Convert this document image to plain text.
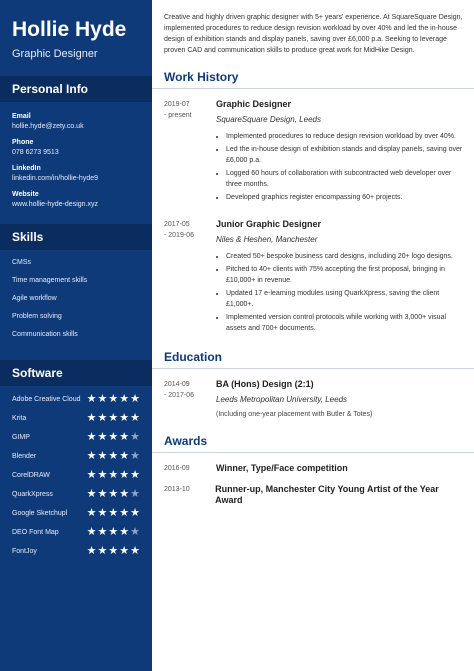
Hollie Hyde
Graphic Designer
Personal Info
Email
hollie.hyde@zety.co.uk
Phone
078 6273 9513
LinkedIn
linkedin.com/in/hollie-hyde9
Website
www.hollie-hyde-design.xyz
Skills
CMSs
Time management skills
Agile workflow
Problem solving
Communication skills
Software
Adobe Creative Cloud ★ ★ ★ ★ ★
Krita	★ ★ ★ ★ ★
GIMP	★ ★ ★ ★ ★
Blender	★ ★ ★ ★ ★
CorelDRAW	★ ★ ★ ★ ★
QuarkXpress	★ ★ ★ ★ ★
Google Sketchupl	★ ★ ★ ★ ★
DEO Font Map	★ ★ ★ ★ ★
FontJoy	★ ★ ★ ★ ★
Creative and highly driven graphic designer with 5+ years' experience. At SquareSquare Design, implemented procedures to reduce design revision workload by over 40% and led the in-house design of exhibition stands and display panels, saving over £6,000 p.a. Seeking to leverage proven CAD and communication skills to produce great work for MidHike Design.
Work History
2019-07
- present
Graphic Designer
SquareSquare Design, Leeds
• Implemented procedures to reduce design revision workload by over 40%.
• Led the in-house design of exhibition stands and display panels, saving over £6,000 p.a.
• Logged 60 hours of collaboration with subcontracted web developer over three months.
• Developed graphics register encompassing 60+ projects.
2017-05
- 2019-06
Junior Graphic Designer
Niles & Heshen, Manchester
• Created 50+ bespoke business card designs, including 20+ logo designs.
• Pitched to 40+ clients with 75% accepting the first proposal, bringing in £10,000+ in revenue.
• Updated 17 e-learning modules using QuarkXpress, saving the client £1,000+.
• Implemented version control protocols while working with 3,000+ visual assets and 700+ documents.
Education
2014-09
- 2017-06
BA (Hons) Design (2:1)
Leeds Metropolitan University, Leeds
(Including one-year placement with Butler & Totes)
Awards
2016-09	Winner, Type/Face competition
2013-10	Runner-up, Manchester City Young Artist of the Year Award
